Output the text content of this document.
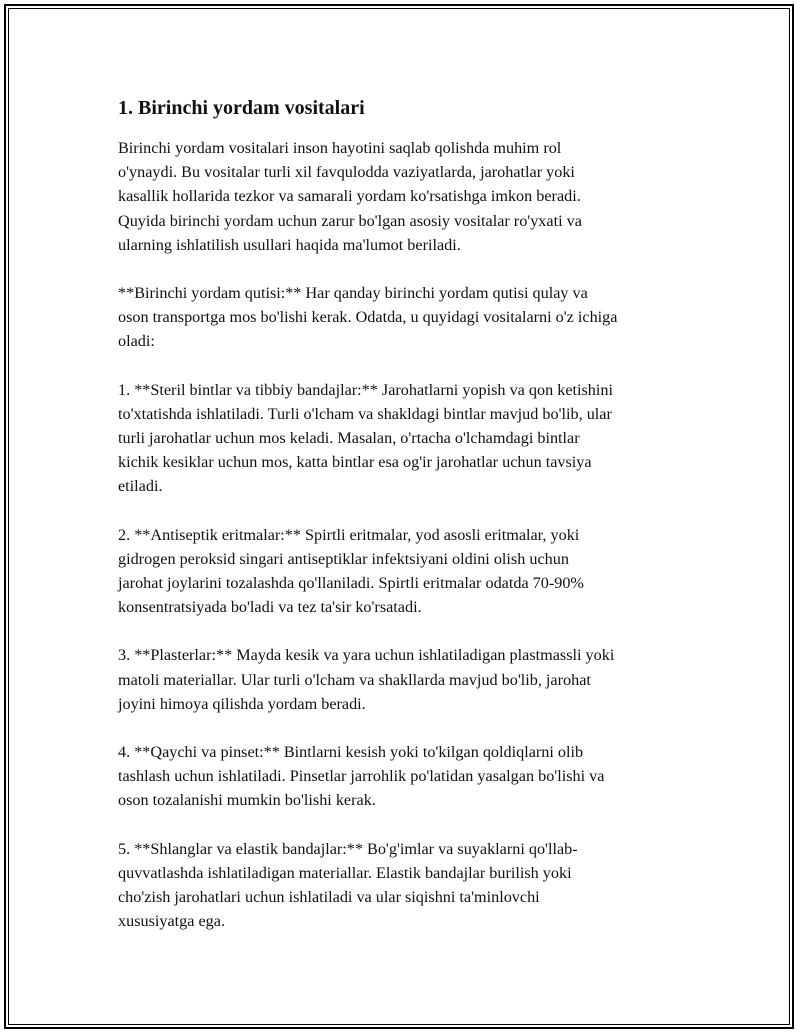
1. Birinchi yordam vositalari

Birinchi yordam vositalari inson hayotini saqlab qolishda muhim rol
o'ynaydi. Bu vositalar turli xil favqulodda vaziyatlarda, jarohatlar yoki
kasallik hollarida tezkor va samarali yordam ko'rsatishga imkon beradi.
Quyida birinchi yordam uchun zarur bo'lgan asosiy vositalar ro'yxati va
ularning ishlatilish usullari haqida ma'lumot beriladi.

**Birinchi yordam qutisi:** Har qanday birinchi yordam qutisi qulay va
oson transportga mos bo'lishi kerak. Odatda, u quyidagi vositalarni o'z ichiga
oladi:

1. **Steril bintlar va tibbiy bandajlar:** Jarohatlarni yopish va qon ketishini
to'xtatishda ishlatiladi. Turli o'lcham va shakldagi bintlar mavjud bo'lib, ular
turli jarohatlar uchun mos keladi. Masalan, o'rtacha o'lchamdagi bintlar
kichik kesiklar uchun mos, katta bintlar esa og'ir jarohatlar uchun tavsiya
etiladi.

2. **Antiseptik eritmalar:** Spirtli eritmalar, yod asosli eritmalar, yoki
gidrogen peroksid singari antiseptiklar infektsiyani oldini olish uchun
jarohat joylarini tozalashda qo'llaniladi. Spirtli eritmalar odatda 70-90%
konsentratsiyada bo'ladi va tez ta'sir ko'rsatadi.

3. **Plasterlar:** Mayda kesik va yara uchun ishlatiladigan plastmassli yoki
matoli materiallar. Ular turli o'lcham va shakllarda mavjud bo'lib, jarohat
joyini himoya qilishda yordam beradi.

4. **Qaychi va pinset:** Bintlarni kesish yoki to'kilgan qoldiqlarni olib
tashlash uchun ishlatiladi. Pinsetlar jarrohlik po'latidan yasalgan bo'lishi va
oson tozalanishi mumkin bo'lishi kerak.

5. **Shlanglar va elastik bandajlar:** Bo'g'imlar va suyaklarni qo'llab-
quvvatlashda ishlatiladigan materiallar. Elastik bandajlar burilish yoki
cho'zish jarohatlari uchun ishlatiladi va ular siqishni ta'minlovchi
xususiyatga ega.
